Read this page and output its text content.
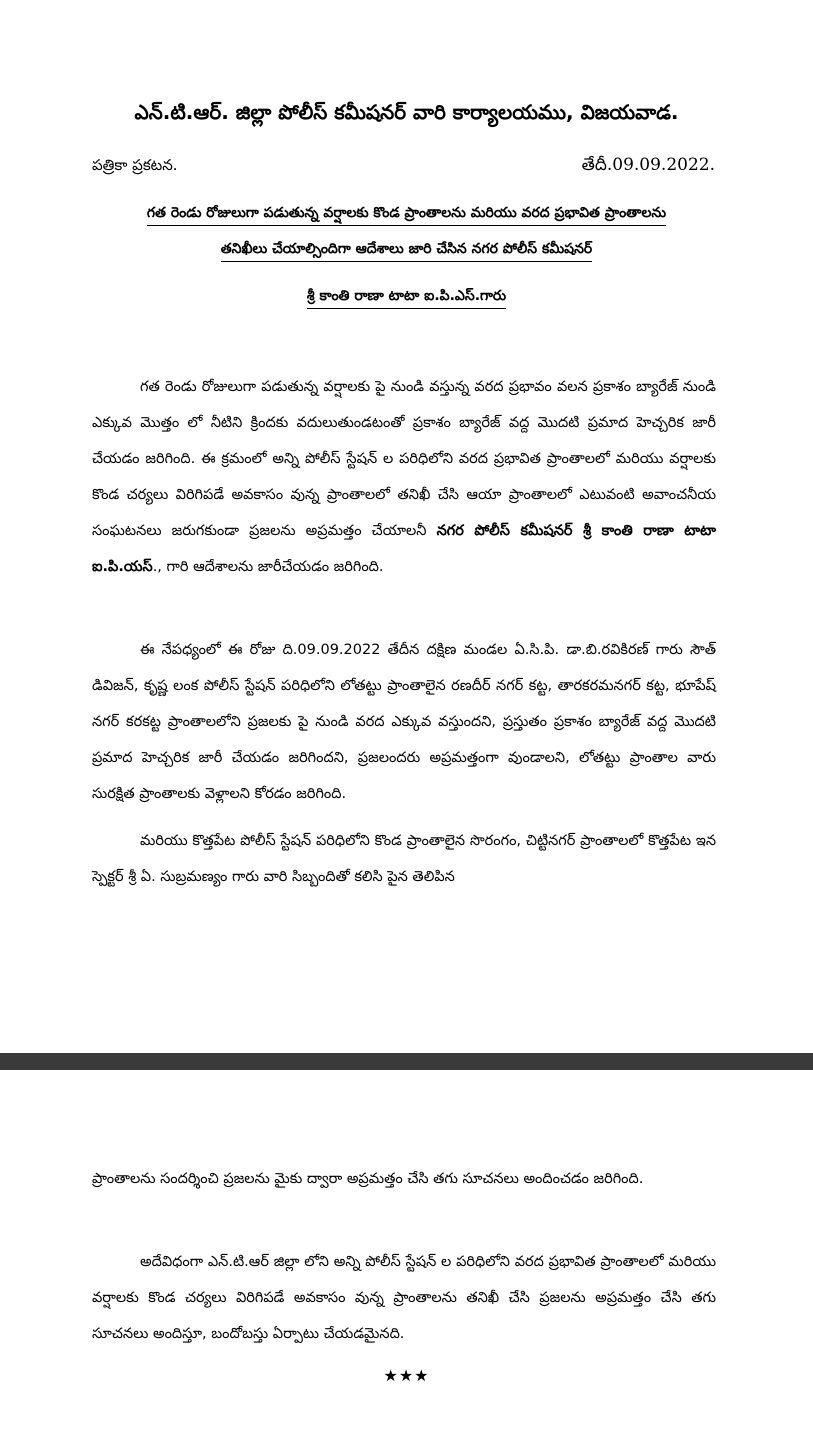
ఎన్.టి.ఆర్. జిల్లా పోలీస్ కమీషనర్ వారి కార్యాలయము, విజయవాడ.

పత్రికా ప్రకటన.	తేదీ.09.09.2022.

గత రెండు రోజులుగా పడుతున్న వర్షాలకు కొండ ప్రాంతాలను మరియు వరద ప్రభావిత ప్రాంతాలను

తనిఖీలు చేయాల్సిందిగా ఆదేశాలు జారి చేసిన నగర పోలీస్ కమీషనర్

శ్రీ కాంతి రాణా టాటా ఐ.పి.ఎస్.గారు

గత రెండు రోజులుగా పడుతున్న వర్షాలకు పై నుండి వస్తున్న వరద ప్రభావం వలన ప్రకాశం బ్యారేజ్ నుండి ఎక్కువ మొత్తం లో నీటిని క్రిందకు వదులుతుండటంతో ప్రకాశం బ్యారేజ్ వద్ద మొదటి ప్రమాద హెచ్చరిక జారీ చేయడం జరిగింది. ఈ క్రమంలో అన్ని పోలీస్ స్టేషన్ ల పరిధిలోని వరద ప్రభావిత ప్రాంతాలలో మరియు వర్షాలకు కొండ చర్యలు విరిగిపడే అవకాసం వున్న ప్రాంతాలలో తనిఖీ చేసి ఆయా ప్రాంతాలలో ఎటువంటి అవాంచనీయ సంఘటనలు జరుగకుండా ప్రజలను అప్రమత్తం చేయాలనీ నగర పోలీస్ కమీషనర్ శ్రీ కాంతి రాణా టాటా ఐ.పి.యస్., గారి ఆదేశాలను జారీచేయడం జరిగింది.

ఈ నేపధ్యంలో ఈ రోజు ది.09.09.2022 తేదీన దక్షిణ మండల ఏ.సి.పి. డా.బి.రవికిరణ్ గారు సౌత్ డివిజన్, కృష్ణ లంక పోలీస్ స్టేషన్ పరిధిలోని లోతట్టు ప్రాంతాలైన రణదీర్ నగర్ కట్ట, తారకరమనగర్ కట్ట, భూపేష్ నగర్ కరకట్ట ప్రాంతాలలోని ప్రజలకు పై నుండి వరద ఎక్కువ వస్తుందని, ప్రస్తుతం ప్రకాశం బ్యారేజ్ వద్ద మొదటి ప్రమాద హెచ్చరిక జారీ చేయడం జరిగిందని, ప్రజలందరు అప్రమత్తంగా వుండాలని, లోతట్టు ప్రాంతాల వారు సురక్షిత ప్రాంతాలకు వెళ్లాలని కోరడం జరిగింది.

మరియు కొత్తపేట పోలీస్ స్టేషన్ పరిధిలోని కొండ ప్రాంతాలైన సొరంగం, చిట్టినగర్ ప్రాంతాలలో కొత్తపేట ఇన స్పెక్టర్ శ్రీ ఏ. సుబ్రమణ్యం గారు వారి సిబ్బందితో కలిసి పైన తెలిపిన

ప్రాంతాలను సందర్శించి ప్రజలను మైకు ద్వారా అప్రమత్తం చేసి తగు సూచనలు అందించడం జరిగింది.

అదేవిధంగా ఎన్.టి.ఆర్ జిల్లా లోని అన్ని పోలీస్ స్టేషన్ ల పరిధిలోని వరద ప్రభావిత ప్రాంతాలలో మరియు వర్షాలకు కొండ చర్యలు విరిగిపడే అవకాసం వున్న ప్రాంతాలను తనిఖీ చేసి ప్రజలను అప్రమత్తం చేసి తగు సూచనలు అందిస్తూ, బందోబస్తు ఏర్పాటు చేయడమైనది.

★★★
